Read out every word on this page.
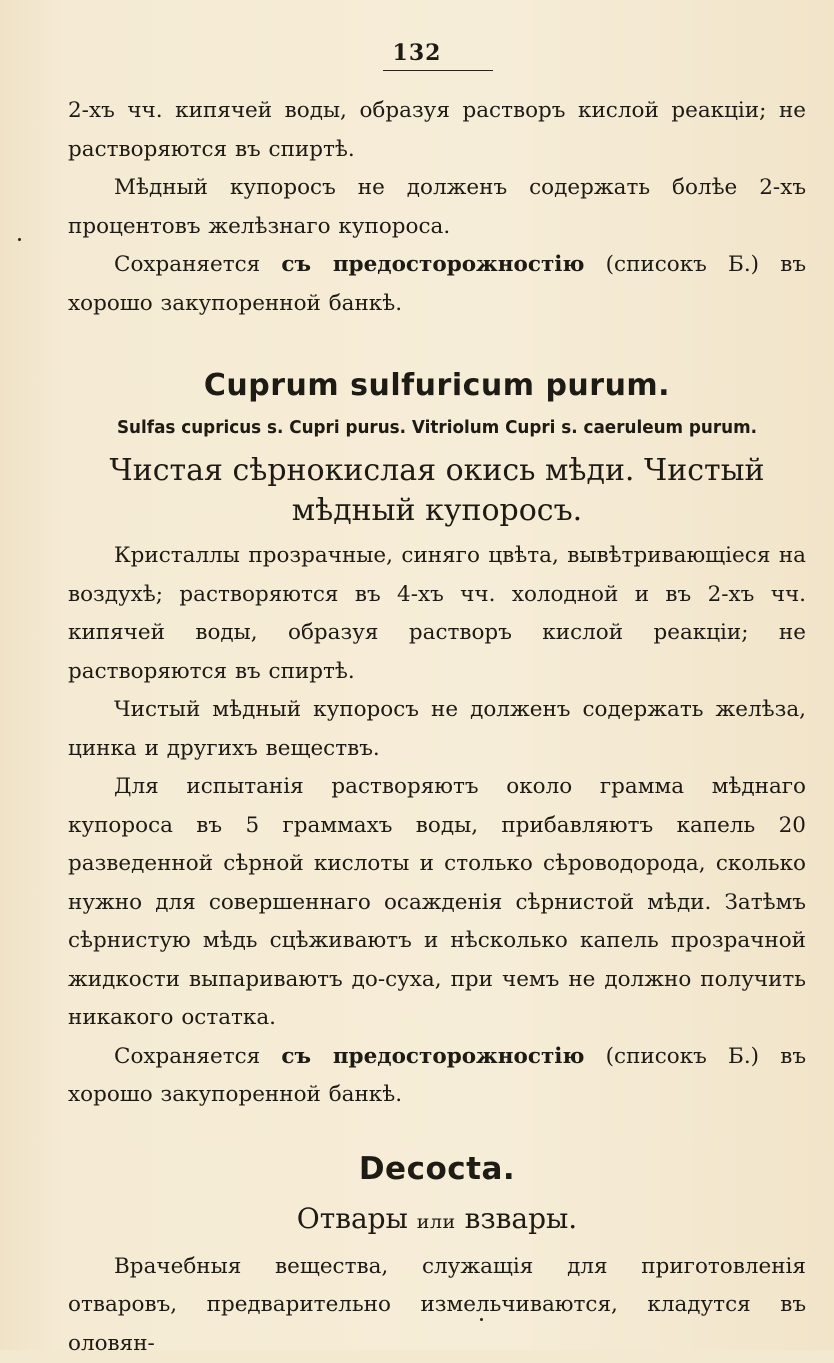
132

2-хъ чч. кипячей воды, образуя растворъ кислой реакціи; не растворяются въ спиртѣ.

Мѣдный купоросъ не долженъ содержать болѣе 2-хъ процентовъ желѣзнаго купороса.

Сохраняется съ предосторожностію (списокъ Б.) въ хорошо закупоренной банкѣ.

Cuprum sulfuricum purum.
Sulfas cupricus s. Cupri purus. Vitriolum Cupri s. caeruleum purum.
Чистая сѣрнокислая окись мѣди. Чистый мѣдный купоросъ.

Кристаллы прозрачные, синяго цвѣта, вывѣтривающіеся на воздухѣ; растворяются въ 4-хъ чч. холодной и въ 2-хъ чч. кипячей воды, образуя растворъ кислой реакціи; не растворяются въ спиртѣ.

Чистый мѣдный купоросъ не долженъ содержать желѣза, цинка и другихъ веществъ.

Для испытанія растворяютъ около грамма мѣднаго купороса въ 5 граммахъ воды, прибавляютъ капель 20 разведенной сѣрной кислоты и столько сѣроводорода, сколько нужно для совершеннаго осажденія сѣрнистой мѣди. Затѣмъ сѣрнистую мѣдь сцѣживаютъ и нѣсколько капель прозрачной жидкости выпариваютъ до-суха, при чемъ не должно получить никакого остатка.

Сохраняется съ предосторожностію (списокъ Б.) въ хорошо закупоренной банкѣ.

Decocta.
Отвары или взвары.

Врачебныя вещества, служащія для приготовленія отваровъ, предварительно измельчиваются, кладутся въ оловян-
